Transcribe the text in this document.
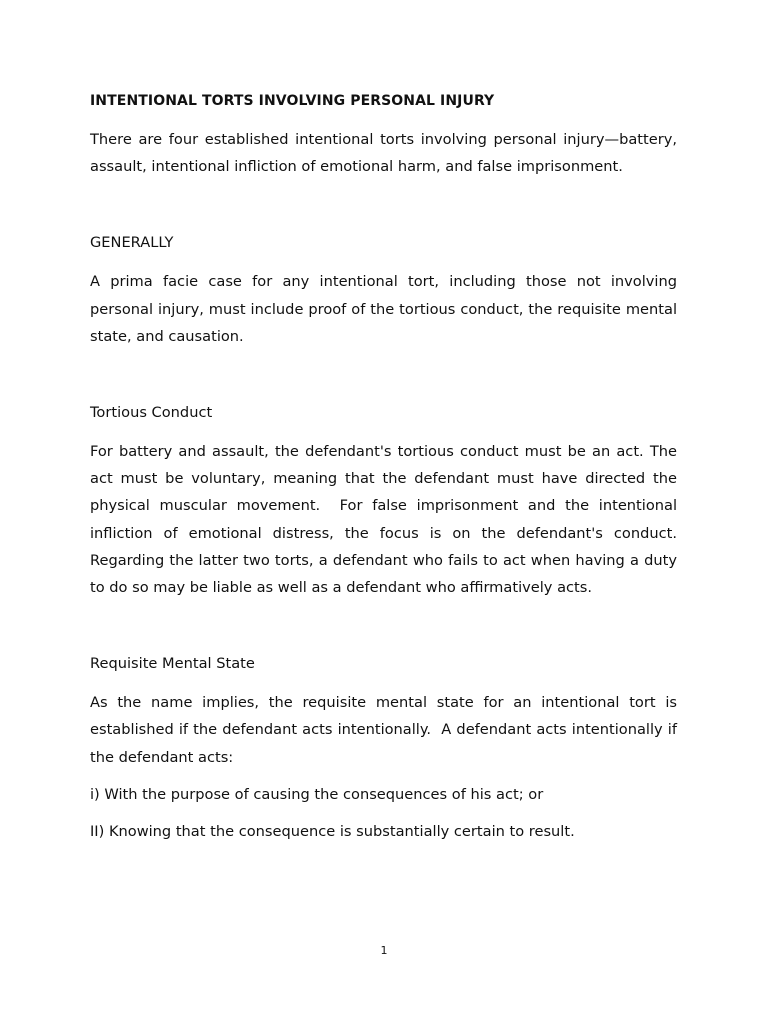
INTENTIONAL TORTS INVOLVING PERSONAL INJURY

There are four established intentional torts involving personal injury—battery, assault, intentional infliction of emotional harm, and false imprisonment.

GENERALLY

A prima facie case for any intentional tort, including those not involving personal injury, must include proof of the tortious conduct, the requisite mental state, and causation.

Tortious Conduct

For battery and assault, the defendant's tortious conduct must be an act. The act must be voluntary, meaning that the defendant must have directed the physical muscular movement.  For false imprisonment and the intentional infliction of emotional distress, the focus is on the defendant's conduct.  Regarding the latter two torts, a defendant who fails to act when having a duty to do so may be liable as well as a defendant who affirmatively acts.

Requisite Mental State

As the name implies, the requisite mental state for an intentional tort is established if the defendant acts intentionally.  A defendant acts intentionally if the defendant acts:

i) With the purpose of causing the consequences of his act; or
II) Knowing that the consequence is substantially certain to result.
1
